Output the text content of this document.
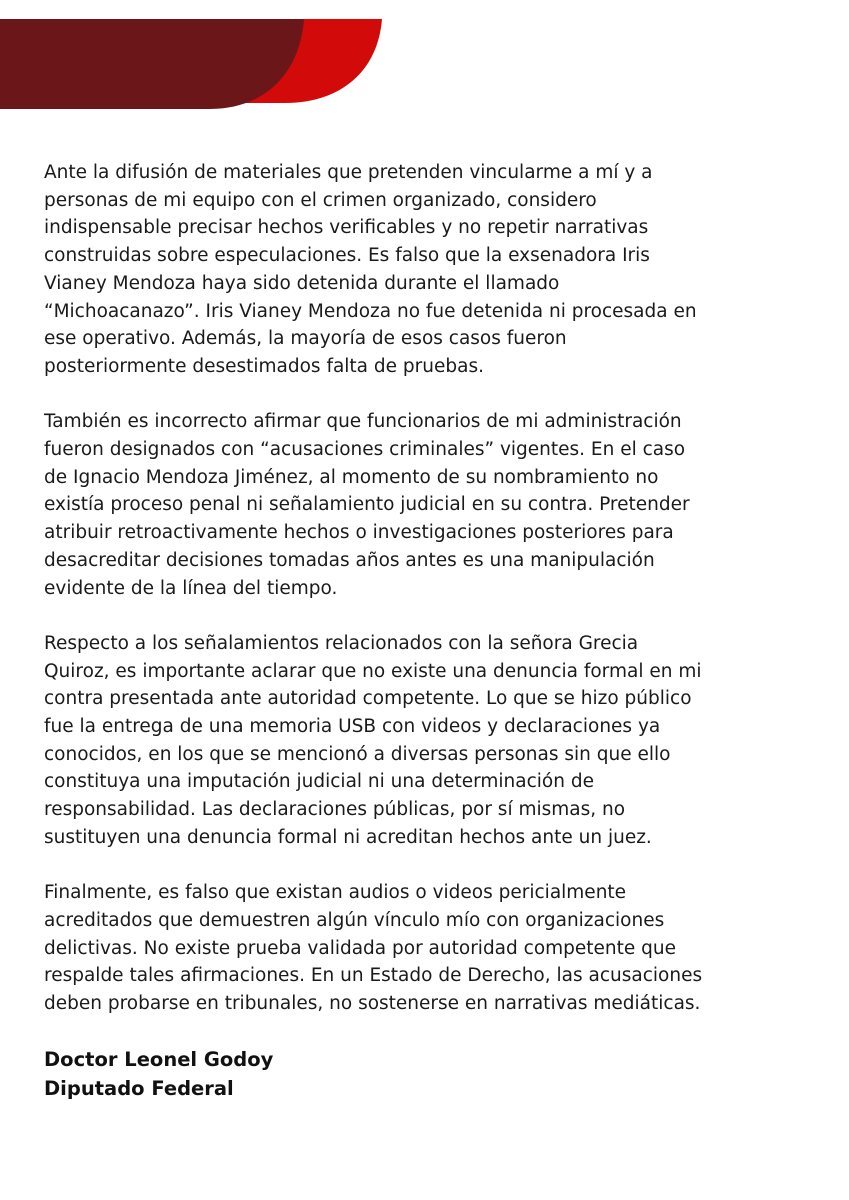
Ante la difusión de materiales que pretenden vincularme a mí y a personas de mi equipo con el crimen organizado, considero indispensable precisar hechos verificables y no repetir narrativas construidas sobre especulaciones. Es falso que la exsenadora Iris Vianey Mendoza haya sido detenida durante el llamado “Michoacanazo”. Iris Vianey Mendoza no fue detenida ni procesada en ese operativo. Además, la mayoría de esos casos fueron posteriormente desestimados falta de pruebas.

También es incorrecto afirmar que funcionarios de mi administración fueron designados con “acusaciones criminales” vigentes. En el caso de Ignacio Mendoza Jiménez, al momento de su nombramiento no existía proceso penal ni señalamiento judicial en su contra. Pretender atribuir retroactivamente hechos o investigaciones posteriores para desacreditar decisiones tomadas años antes es una manipulación evidente de la línea del tiempo.

Respecto a los señalamientos relacionados con la señora Grecia Quiroz, es importante aclarar que no existe una denuncia formal en mi contra presentada ante autoridad competente. Lo que se hizo público fue la entrega de una memoria USB con videos y declaraciones ya conocidos, en los que se mencionó a diversas personas sin que ello constituya una imputación judicial ni una determinación de responsabilidad. Las declaraciones públicas, por sí mismas, no sustituyen una denuncia formal ni acreditan hechos ante un juez.

Finalmente, es falso que existan audios o videos pericialmente acreditados que demuestren algún vínculo mío con organizaciones delictivas. No existe prueba validada por autoridad competente que respalde tales afirmaciones. En un Estado de Derecho, las acusaciones deben probarse en tribunales, no sostenerse en narrativas mediáticas.

Doctor Leonel Godoy
Diputado Federal
